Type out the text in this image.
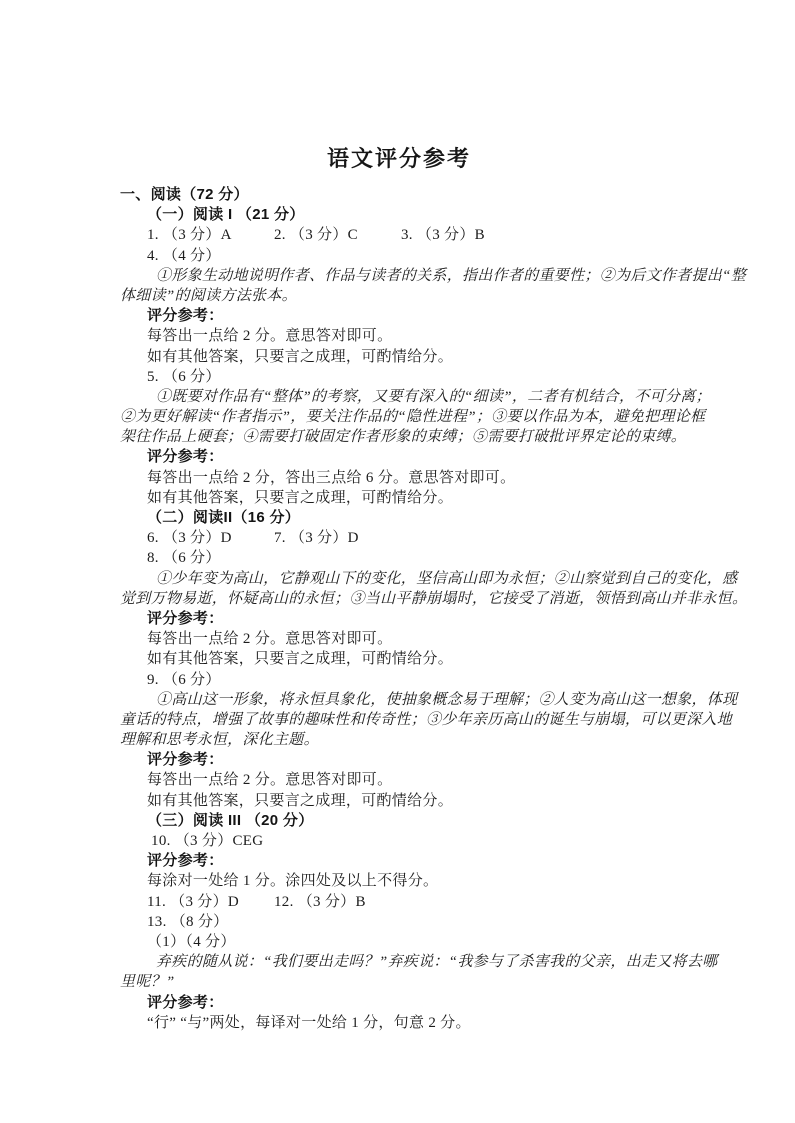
语文评分参考
一、阅读（72 分）
（一）阅读 I （21 分）
1. （3 分）A	2. （3 分）C	3. （3 分）B
4. （4 分）
①形象生动地说明作者、作品与读者的关系，指出作者的重要性；②为后文作者提出“整
体细读”的阅读方法张本。
评分参考：
每答出一点给 2 分。意思答对即可。
如有其他答案，只要言之成理，可酌情给分。
5. （6 分）
①既要对作品有“整体”的考察，又要有深入的“细读”，二者有机结合，不可分离；
②为更好解读“作者指示”，要关注作品的“隐性进程”；③要以作品为本，避免把理论框
架往作品上硬套；④需要打破固定作者形象的束缚；⑤需要打破批评界定论的束缚。
评分参考：
每答出一点给 2 分，答出三点给 6 分。意思答对即可。
如有其他答案，只要言之成理，可酌情给分。
（二）阅读II（16 分）
6. （3 分）D	7. （3 分）D
8. （6 分）
①少年变为高山，它静观山下的变化，坚信高山即为永恒；②山察觉到自己的变化，感
觉到万物易逝，怀疑高山的永恒；③当山平静崩塌时，它接受了消逝，领悟到高山并非永恒。
评分参考：
每答出一点给 2 分。意思答对即可。
如有其他答案，只要言之成理，可酌情给分。
9. （6 分）
①高山这一形象，将永恒具象化，使抽象概念易于理解；②人变为高山这一想象，体现
童话的特点，增强了故事的趣味性和传奇性；③少年亲历高山的诞生与崩塌，可以更深入地
理解和思考永恒，深化主题。
评分参考：
每答出一点给 2 分。意思答对即可。
如有其他答案，只要言之成理，可酌情给分。
（三）阅读 III （20 分）
10. （3 分）CEG
评分参考：
每涂对一处给 1 分。涂四处及以上不得分。
11. （3 分）D 12. （3 分）B
13. （8 分）
（1）（4 分）
弃疾的随从说：“我们要出走吗？”弃疾说：“我参与了杀害我的父亲，出走又将去哪
里呢？”
评分参考：
“行” “与”两处，每译对一处给 1 分，句意 2 分。
